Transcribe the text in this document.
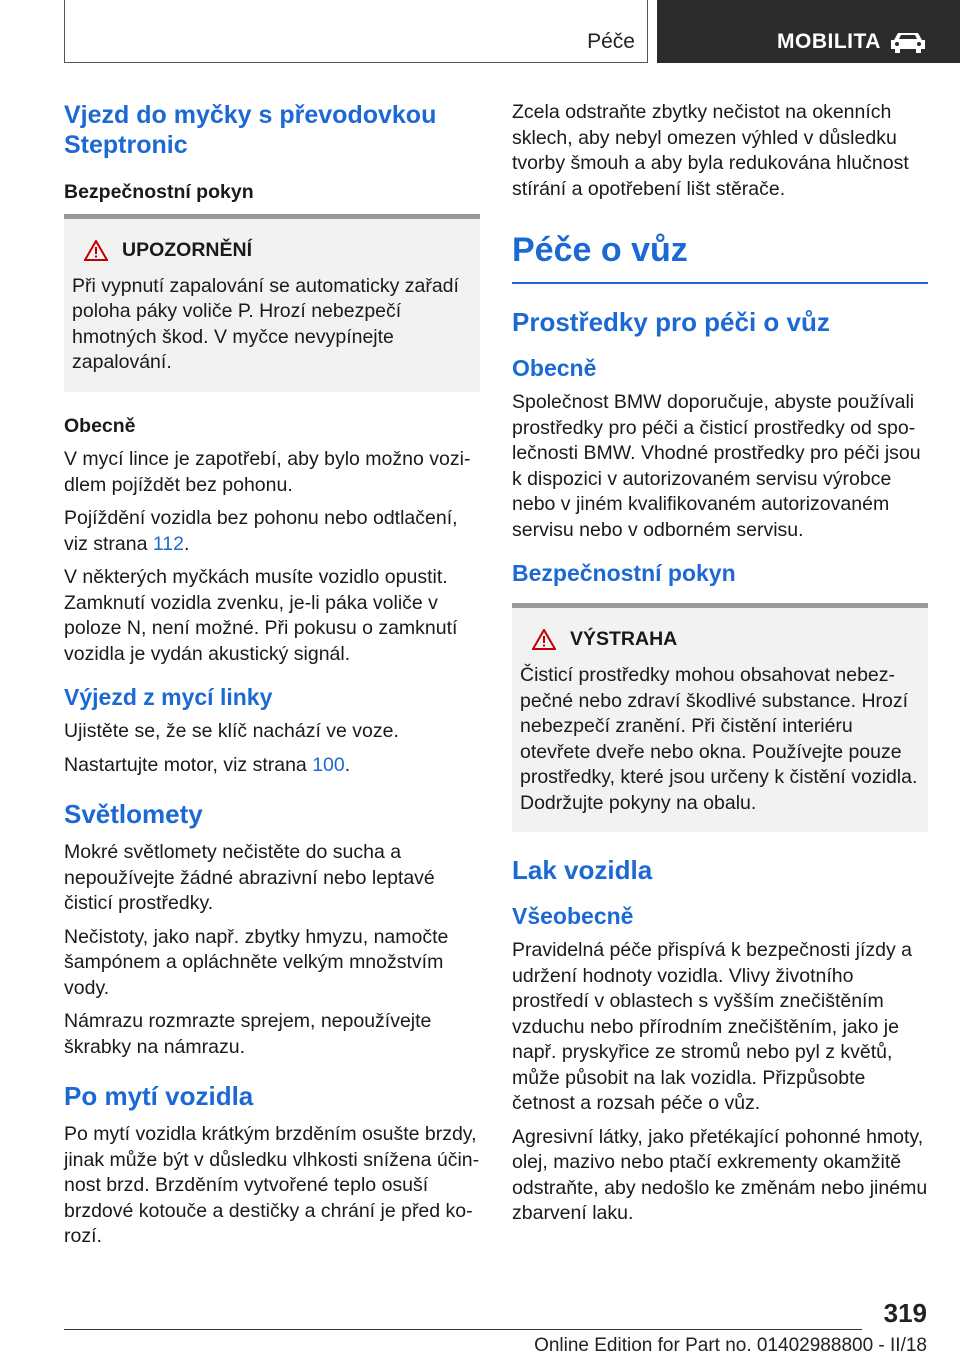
Péče	MOBILITA
Vjezd do myčky s převodovkou Steptronic

Bezpečnostní pokyn

UPOZORNĚNÍ

Při vypnutí zapalování se automaticky zařadí poloha páky voliče P. Hrozí nebezpečí hmotných škod. V myčce nevypínejte zapalování.

Obecně

V mycí lince je zapotřebí, aby bylo možno vozidlem pojíždět bez pohonu.

Pojíždění vozidla bez pohonu nebo odtlačení, viz strana 112.

V některých myčkách musíte vozidlo opustit. Zamknutí vozidla zvenku, je-li páka voliče v poloze N, není možné. Při pokusu o zamknutí vozidla je vydán akustický signál.

Výjezd z mycí linky

Ujistěte se, že se klíč nachází ve voze.

Nastartujte motor, viz strana 100.

Světlomety

Mokré světlomety nečistěte do sucha a nepoužívejte žádné abrazivní nebo leptavé čisticí prostředky.

Nečistoty, jako např. zbytky hmyzu, namočte šampónem a opláchněte velkým množstvím vody.

Námrazu rozmrazte sprejem, nepoužívejte škrabky na námrazu.

Po mytí vozidla

Po mytí vozidla krátkým brzděním osušte brzdy, jinak může být v důsledku vlhkosti snížena účinnost brzd. Brzděním vytvořené teplo osuší brzdové kotouče a destičky a chrání je před korozí.

Zcela odstraňte zbytky nečistot na okenních sklech, aby nebyl omezen výhled v důsledku tvorby šmouh a aby byla redukována hlučnost stírání a opotřebení lišt stěrače.

Péče o vůz
Prostředky pro péči o vůz
Obecně

Společnost BMW doporučuje, abyste používali prostředky pro péči a čisticí prostředky od společnosti BMW. Vhodné prostředky pro péči jsou k dispozici v autorizovaném servisu výrobce nebo v jiném kvalifikovaném autorizovaném servisu nebo v odborném servisu.

Bezpečnostní pokyn
VÝSTRAHA

Čisticí prostředky mohou obsahovat nebezpečné nebo zdraví škodlivé substance. Hrozí nebezpečí zranění. Při čistění interiéru otevřete dveře nebo okna. Používejte pouze prostředky, které jsou určeny k čistění vozidla. Dodržujte pokyny na obalu.

Lak vozidla
Všeobecně

Pravidelná péče přispívá k bezpečnosti jízdy a udržení hodnoty vozidla. Vlivy životního prostředí v oblastech s vyšším znečištěním vzduchu nebo přírodním znečištěním, jako je např. pryskyřice ze stromů nebo pyl z květů, může působit na lak vozidla. Přizpůsobte četnost a rozsah péče o vůz.

Agresivní látky, jako přetékající pohonné hmoty, olej, mazivo nebo ptačí exkrementy okamžitě odstraňte, aby nedošlo ke změnám nebo jinému zbarvení laku.

319
Online Edition for Part no. 01402988800 - II/18
